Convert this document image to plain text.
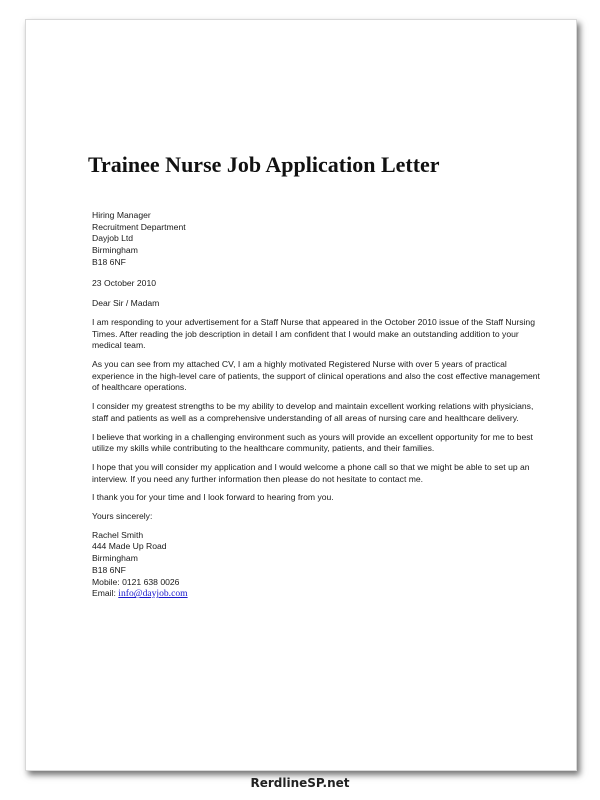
Trainee Nurse Job Application Letter
Hiring Manager
Recruitment Department
Dayjob Ltd
Birmingham
B18 6NF
23 October 2010

Dear Sir / Madam

I am responding to your advertisement for a Staff Nurse that appeared in the October 2010 issue of the Staff Nursing Times. After reading the job description in detail I am confident that I would make an outstanding addition to your medical team.

As you can see from my attached CV, I am a highly motivated Registered Nurse with over 5 years of practical experience in the high-level care of patients, the support of clinical operations and also the cost effective management of healthcare operations.

I consider my greatest strengths to be my ability to develop and maintain excellent working relations with physicians, staff and patients as well as a comprehensive understanding of all areas of nursing care and healthcare delivery.

I believe that working in a challenging environment such as yours will provide an excellent opportunity for me to best utilize my skills while contributing to the healthcare community, patients, and their families.

I hope that you will consider my application and I would welcome a phone call so that we might be able to set up an interview. If you need any further information then please do not hesitate to contact me.

I thank you for your time and I look forward to hearing from you.

Yours sincerely:

Rachel Smith
444 Made Up Road
Birmingham
B18 6NF
Mobile: 0121 638 0026
Email: info@dayjob.com
RerdlineSP.net
